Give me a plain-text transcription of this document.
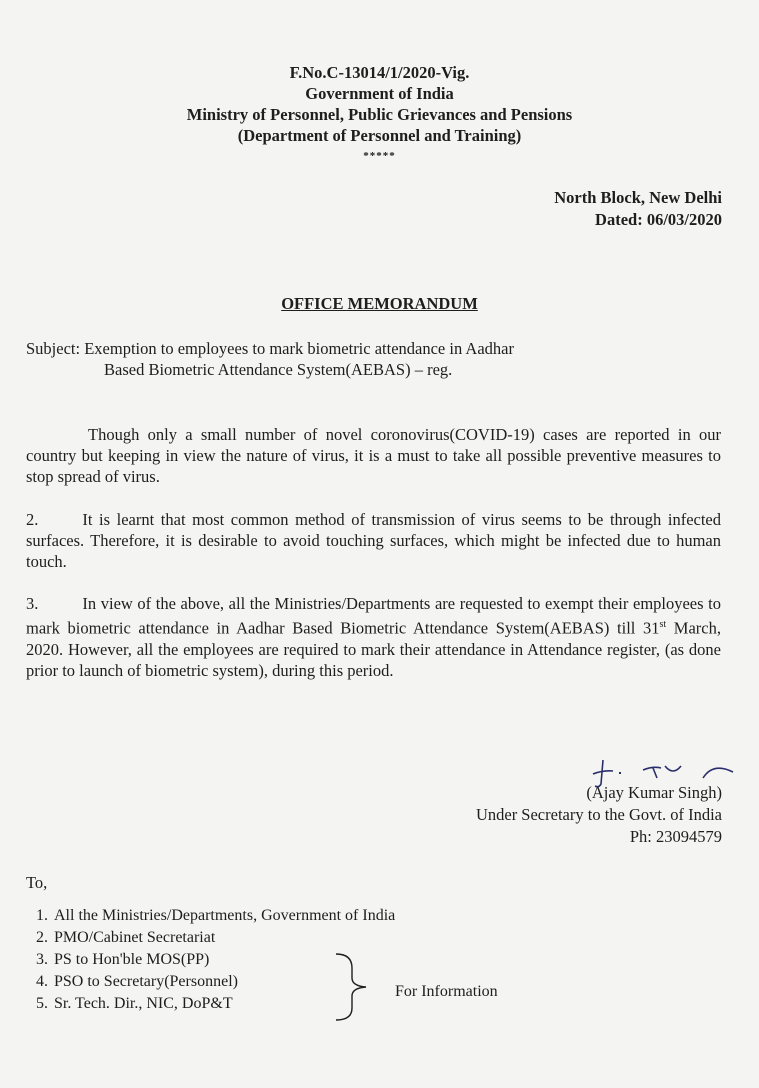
F.No.C-13014/1/2020-Vig.
Government of India
Ministry of Personnel, Public Grievances and Pensions
(Department of Personnel and Training)
*****
North Block, New Delhi
Dated: 06/03/2020
OFFICE MEMORANDUM
Subject: Exemption to employees to mark biometric attendance in Aadhar
Based Biometric Attendance System(AEBAS) – reg.
Though only a small number of novel coronovirus(COVID-19) cases are reported in our country but keeping in view the nature of virus, it is a must to take all possible preventive measures to stop spread of virus.
2.	It is learnt that most common method of transmission of virus seems to be through infected surfaces. Therefore, it is desirable to avoid touching surfaces, which might be infected due to human touch.
3.	In view of the above, all the Ministries/Departments are requested to exempt their employees to mark biometric attendance in Aadhar Based Biometric Attendance System(AEBAS) till 31st March, 2020. However, all the employees are required to mark their attendance in Attendance register, (as done prior to launch of biometric system), during this period.
(Ajay Kumar Singh)
Under Secretary to the Govt. of India
Ph: 23094579
To,
1. All the Ministries/Departments, Government of India
2. PMO/Cabinet Secretariat
3. PS to Hon'ble MOS(PP)
4. PSO to Secretary(Personnel)
5. Sr. Tech. Dir., NIC, DoP&T
For Information
